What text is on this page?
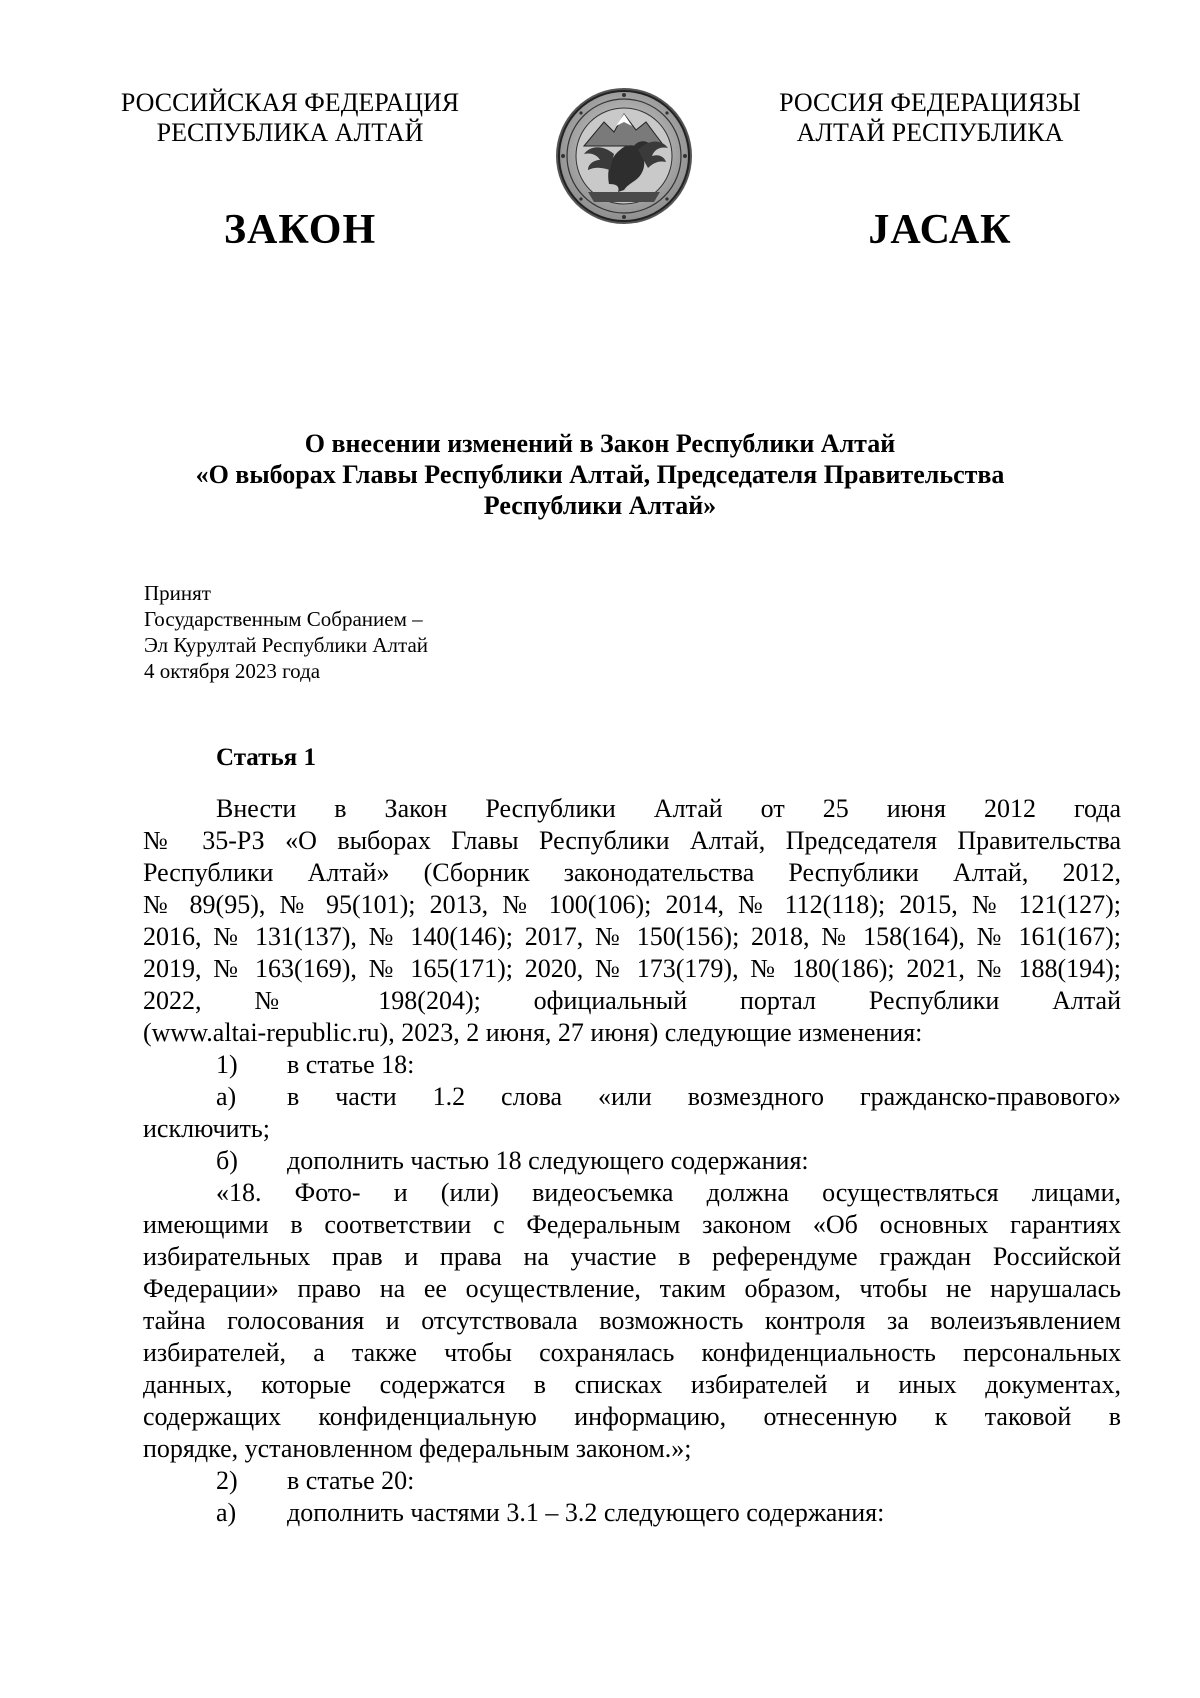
РОССИЙСКАЯ ФЕДЕРАЦИЯ
РЕСПУБЛИКА АЛТАЙ
РОССИЯ ФЕДЕРАЦИЯЗЫ
АЛТАЙ РЕСПУБЛИКА
ЗАКОН	JАСАК
О внесении изменений в Закон Республики Алтай
«О выборах Главы Республики Алтай, Председателя Правительства
Республики Алтай»
Принят
Государственным Собранием –
Эл Курултай Республики Алтай
4 октября 2023 года
Статья 1
Внести в Закон Республики Алтай от 25 июня 2012 года
№ 35-РЗ «О выборах Главы Республики Алтай, Председателя Правительства
Республики Алтай» (Сборник законодательства Республики Алтай, 2012,
№ 89(95), № 95(101); 2013, № 100(106); 2014, № 112(118); 2015, № 121(127);
2016, № 131(137), № 140(146); 2017, № 150(156); 2018, № 158(164), № 161(167);
2019, № 163(169), № 165(171); 2020, № 173(179), № 180(186); 2021, № 188(194);
2022, № 198(204); официальный портал Республики Алтай
(www.altai-republic.ru), 2023, 2 июня, 27 июня) следующие изменения:
1) в статье 18:
а) в части 1.2 слова «или возмездного гражданско-правового»
исключить;
б) дополнить частью 18 следующего содержания:
«18. Фото- и (или) видеосъемка должна осуществляться лицами,
имеющими в соответствии с Федеральным законом «Об основных гарантиях
избирательных прав и права на участие в референдуме граждан Российской
Федерации» право на ее осуществление, таким образом, чтобы не нарушалась
тайна голосования и отсутствовала возможность контроля за волеизъявлением
избирателей, а также чтобы сохранялась конфиденциальность персональных
данных, которые содержатся в списках избирателей и иных документах,
содержащих конфиденциальную информацию, отнесенную к таковой в
порядке, установленном федеральным законом.»;
2) в статье 20:
а) дополнить частями 3.1 – 3.2 следующего содержания:
